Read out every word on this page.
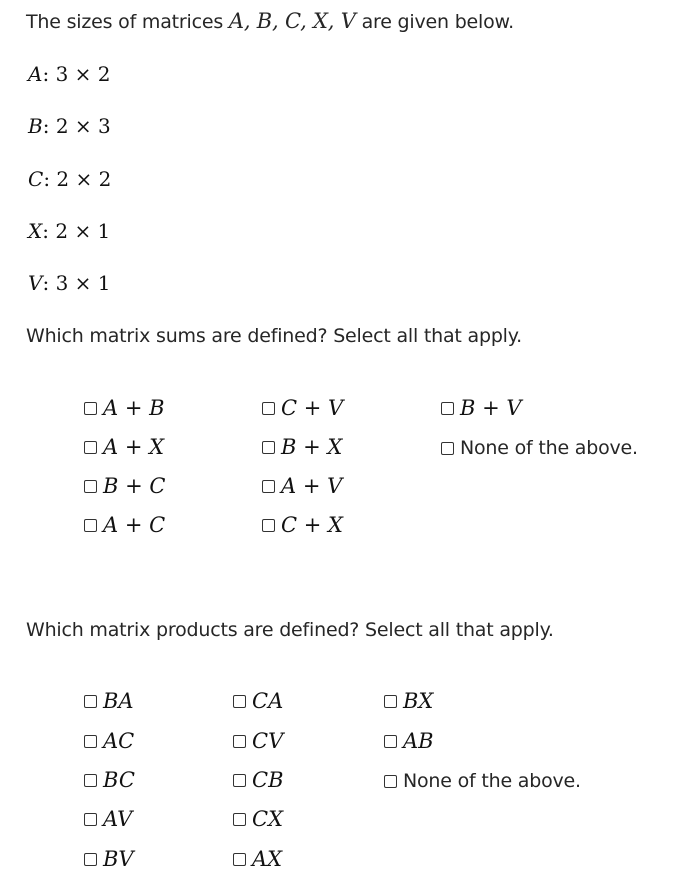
The sizes of matrices A, B, C, X, V are given below.
A: 3 × 2
B: 2 × 3
C: 2 × 2
X: 2 × 1
V: 3 × 1
Which matrix sums are defined? Select all that apply.
A + B
A + X
B + C
A + C
C + V
B + X
A + V
C + X
B + V
None of the above.
Which matrix products are defined? Select all that apply.
BA
AC
BC
AV
BV
CA
CV
CB
CX
AX
BX
AB
None of the above.
